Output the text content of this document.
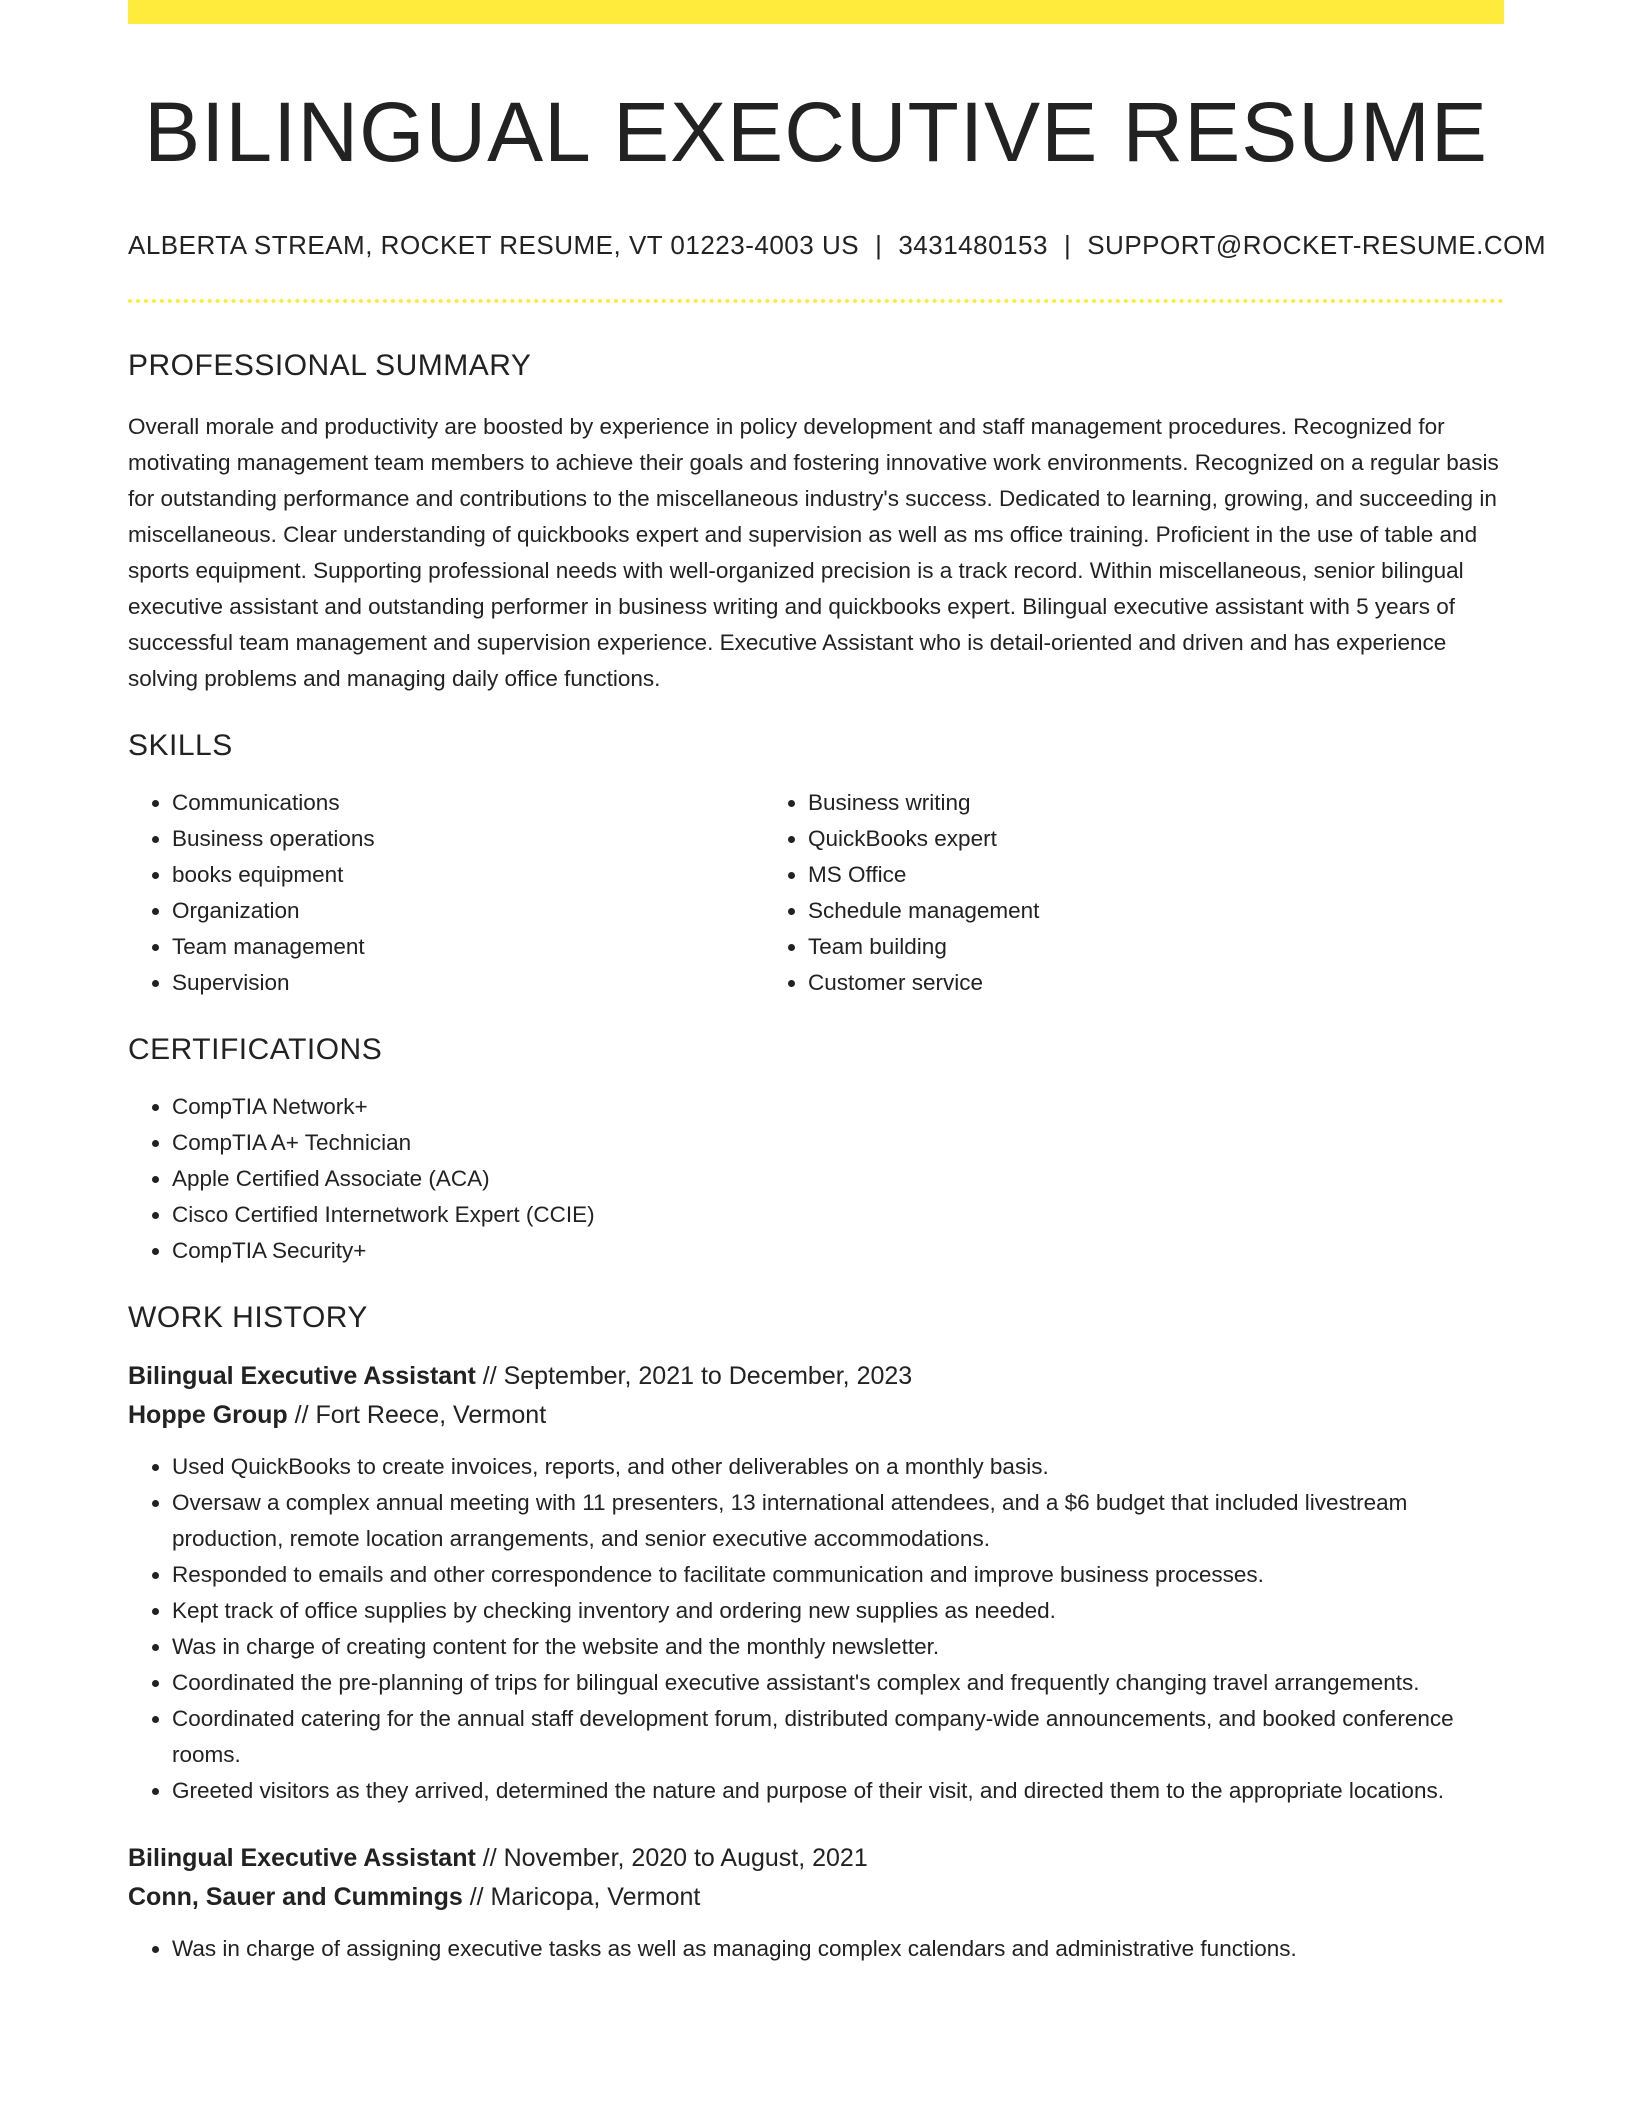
BILINGUAL EXECUTIVE RESUME
ALBERTA STREAM, ROCKET RESUME, VT 01223-4003 US | 3431480153 | SUPPORT@ROCKET-RESUME.COM
PROFESSIONAL SUMMARY
Overall morale and productivity are boosted by experience in policy development and staff management procedures. Recognized for motivating management team members to achieve their goals and fostering innovative work environments. Recognized on a regular basis for outstanding performance and contributions to the miscellaneous industry's success. Dedicated to learning, growing, and succeeding in miscellaneous. Clear understanding of quickbooks expert and supervision as well as ms office training. Proficient in the use of table and sports equipment. Supporting professional needs with well-organized precision is a track record. Within miscellaneous, senior bilingual executive assistant and outstanding performer in business writing and quickbooks expert. Bilingual executive assistant with 5 years of successful team management and supervision experience. Executive Assistant who is detail-oriented and driven and has experience solving problems and managing daily office functions.
SKILLS
• Communications
• Business operations
• books equipment
• Organization
• Team management
• Supervision
• Business writing
• QuickBooks expert
• MS Office
• Schedule management
• Team building
• Customer service
CERTIFICATIONS
• CompTIA Network+
• CompTIA A+ Technician
• Apple Certified Associate (ACA)
• Cisco Certified Internetwork Expert (CCIE)
• CompTIA Security+
WORK HISTORY
Bilingual Executive Assistant // September, 2021 to December, 2023
Hoppe Group // Fort Reece, Vermont
• Used QuickBooks to create invoices, reports, and other deliverables on a monthly basis.
• Oversaw a complex annual meeting with 11 presenters, 13 international attendees, and a $6 budget that included livestream production, remote location arrangements, and senior executive accommodations.
• Responded to emails and other correspondence to facilitate communication and improve business processes.
• Kept track of office supplies by checking inventory and ordering new supplies as needed.
• Was in charge of creating content for the website and the monthly newsletter.
• Coordinated the pre-planning of trips for bilingual executive assistant's complex and frequently changing travel arrangements.
• Coordinated catering for the annual staff development forum, distributed company-wide announcements, and booked conference rooms.
• Greeted visitors as they arrived, determined the nature and purpose of their visit, and directed them to the appropriate locations.
Bilingual Executive Assistant // November, 2020 to August, 2021
Conn, Sauer and Cummings // Maricopa, Vermont
• Was in charge of assigning executive tasks as well as managing complex calendars and administrative functions.
